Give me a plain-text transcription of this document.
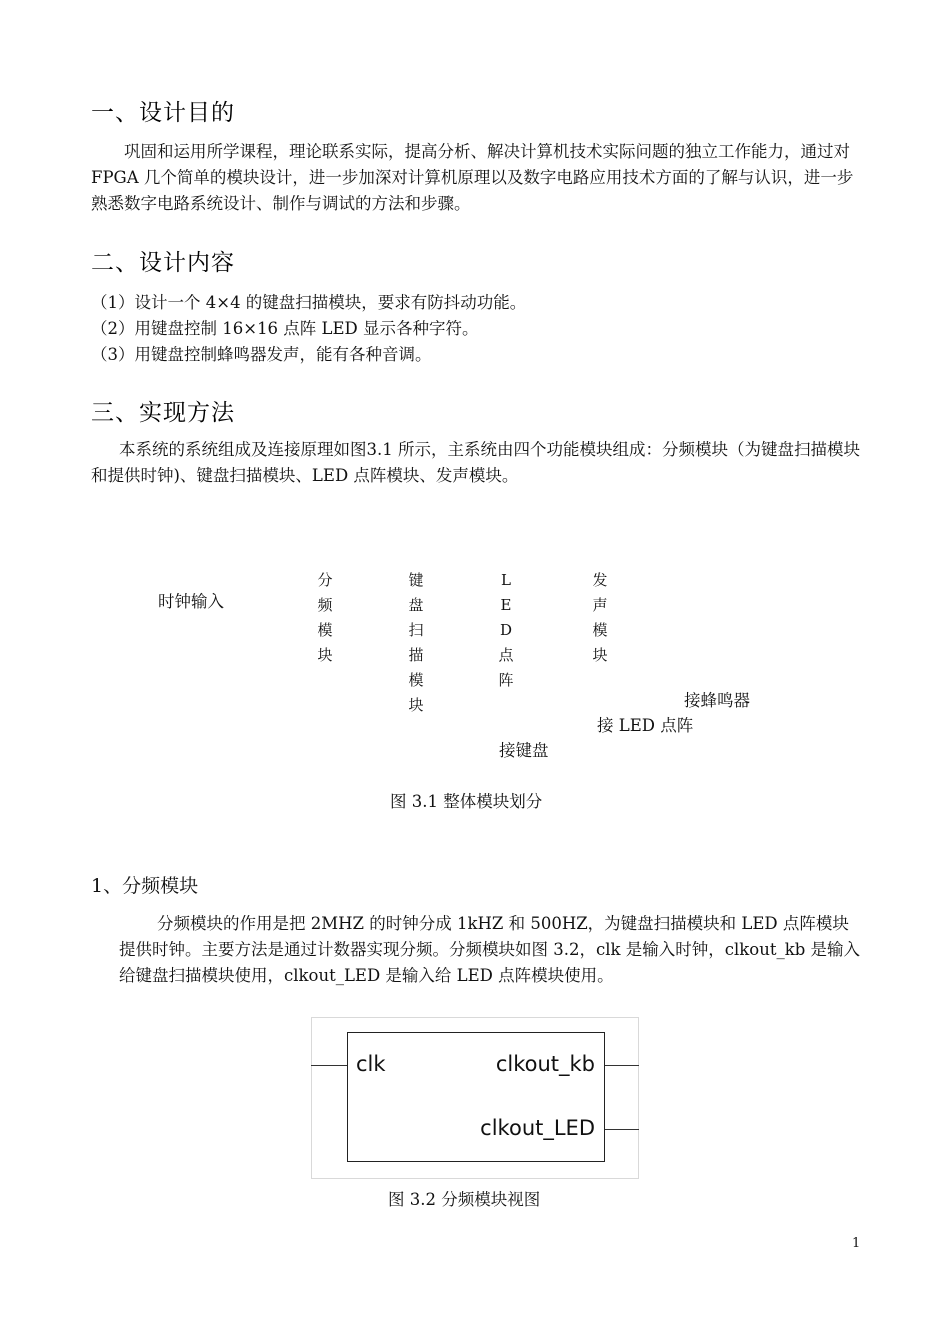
一、设计目的
巩固和运用所学课程，理论联系实际，提高分析、解决计算机技术实际问题的独立工作能力，通过对 FPGA 几个简单的模块设计，进一步加深对计算机原理以及数字电路应用技术方面的了解与认识，进一步熟悉数字电路系统设计、制作与调试的方法和步骤。
二、设计内容
（1）设计一个 4×4 的键盘扫描模块，要求有防抖动功能。
（2）用键盘控制 16×16 点阵 LED 显示各种字符。
（3）用键盘控制蜂鸣器发声，能有各种音调。
三、实现方法
本系统的系统组成及连接原理如图3.1 所示，主系统由四个功能模块组成：分频模块（为键盘扫描模块和提供时钟)、键盘扫描模块、LED 点阵模块、发声模块。
时钟输入
分
频
模
块
键
盘
扫
描
模
块
L
E
D
点
阵
发
声
模
块
接蜂鸣器
接 LED 点阵
接键盘
图 3.1 整体模块划分
1、分频模块
分频模块的作用是把 2MHZ 的时钟分成 1kHZ 和 500HZ，为键盘扫描模块和 LED 点阵模块提供时钟。主要方法是通过计数器实现分频。分频模块如图 3.2，clk 是输入时钟，clkout_kb 是输入给键盘扫描模块使用，clkout_LED 是输入给 LED 点阵模块使用。
clk	clkout_kb
clkout_LED
图 3.2 分频模块视图
1
